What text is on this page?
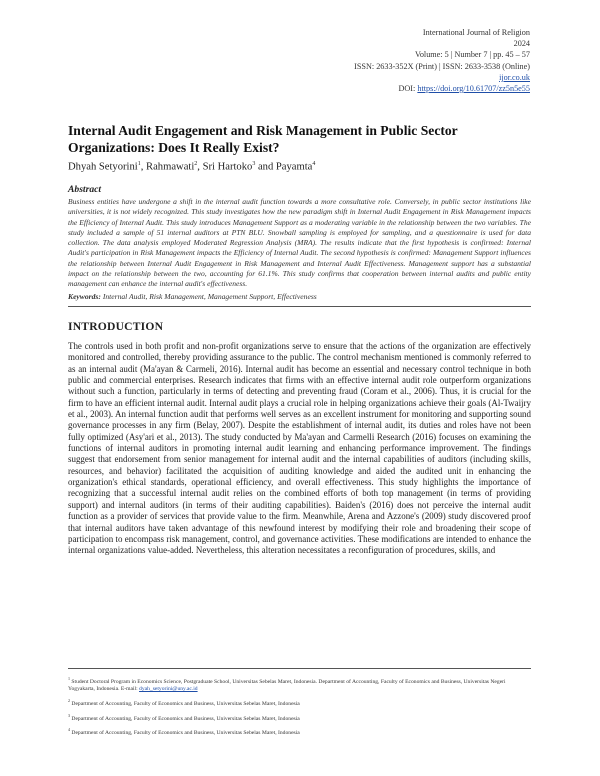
International Journal of Religion
2024
Volume: 5 | Number 7 | pp. 45 – 57
ISSN: 2633-352X (Print) | ISSN: 2633-3538 (Online)
ijor.co.uk
DOI: https://doi.org/10.61707/zz5n5e55
Internal Audit Engagement and Risk Management in Public Sector Organizations: Does It Really Exist?
Dhyah Setyorini$^1$, Rahmawati$^2$, Sri Hartoko$^3$ and Payamta$^4$
Abstract
Business entities have undergone a shift in the internal audit function towards a more consultative role. Conversely, in public sector institutions like universities, it is not widely recognized. This study investigates how the new paradigm shift in Internal Audit Engagement in Risk Management impacts the Efficiency of Internal Audit. This study introduces Management Support as a moderating variable in the relationship between the two variables. The study included a sample of 51 internal auditors at PTN BLU. Snowball sampling is employed for sampling, and a questionnaire is used for data collection. The data analysis employed Moderated Regression Analysis (MRA). The results indicate that the first hypothesis is confirmed: Internal Audit's participation in Risk Management impacts the Efficiency of Internal Audit. The second hypothesis is confirmed: Management Support influences the relationship between Internal Audit Engagement in Risk Management and Internal Audit Effectiveness. Management support has a substantial impact on the relationship between the two, accounting for 61.1%. This study confirms that cooperation between internal audits and public entity management can enhance the internal audit's effectiveness.
Keywords: Internal Audit, Risk Management, Management Support, Effectiveness
INTRODUCTION
The controls used in both profit and non-profit organizations serve to ensure that the actions of the organization are effectively monitored and controlled, thereby providing assurance to the public. The control mechanism mentioned is commonly referred to as an internal audit (Ma'ayan & Carmeli, 2016). Internal audit has become an essential and necessary control technique in both public and commercial enterprises. Research indicates that firms with an effective internal audit role outperform organizations without such a function, particularly in terms of detecting and preventing fraud (Coram et al., 2006). Thus, it is crucial for the firm to have an efficient internal audit. Internal audit plays a crucial role in helping organizations achieve their goals (Al-Twaijry et al., 2003). An internal function audit that performs well serves as an excellent instrument for monitoring and supporting sound governance processes in any firm (Belay, 2007). Despite the establishment of internal audit, its duties and roles have not been fully optimized (Asy'ari et al., 2013). The study conducted by Ma'ayan and Carmelli Research (2016) focuses on examining the functions of internal auditors in promoting internal audit learning and enhancing performance improvement. The findings suggest that endorsement from senior management for internal audit and the internal capabilities of auditors (including skills, resources, and behavior) facilitated the acquisition of auditing knowledge and aided the audited unit in enhancing the organization's ethical standards, operational efficiency, and overall effectiveness. This study highlights the importance of recognizing that a successful internal audit relies on the combined efforts of both top management (in terms of providing support) and internal auditors (in terms of their auditing capabilities). Baiden's (2016) does not perceive the internal audit function as a provider of services that provide value to the firm. Meanwhile, Arena and Azzone's (2009) study discovered proof that internal auditors have taken advantage of this newfound interest by modifying their role and broadening their scope of participation to encompass risk management, control, and governance activities. These modifications are intended to enhance the internal organizations value-added. Nevertheless, this alteration necessitates a reconfiguration of procedures, skills, and

$^1$ Student Doctoral Program in Economics Science, Postgraduate School, Universitas Sebelas Maret, Indonesia. Department of Accounting, Faculty of Economics and Business, Universitas Negeri Yogyakarta, Indonesia. E-mail: dyah_setyorini@uny.ac.id

$^2$ Department of Accounting, Faculty of Economics and Business, Universitas Sebelas Maret, Indonesia

$^3$ Department of Accounting, Faculty of Economics and Business, Universitas Sebelas Maret, Indonesia

$^4$ Department of Accounting, Faculty of Economics and Business, Universitas Sebelas Maret, Indonesia
